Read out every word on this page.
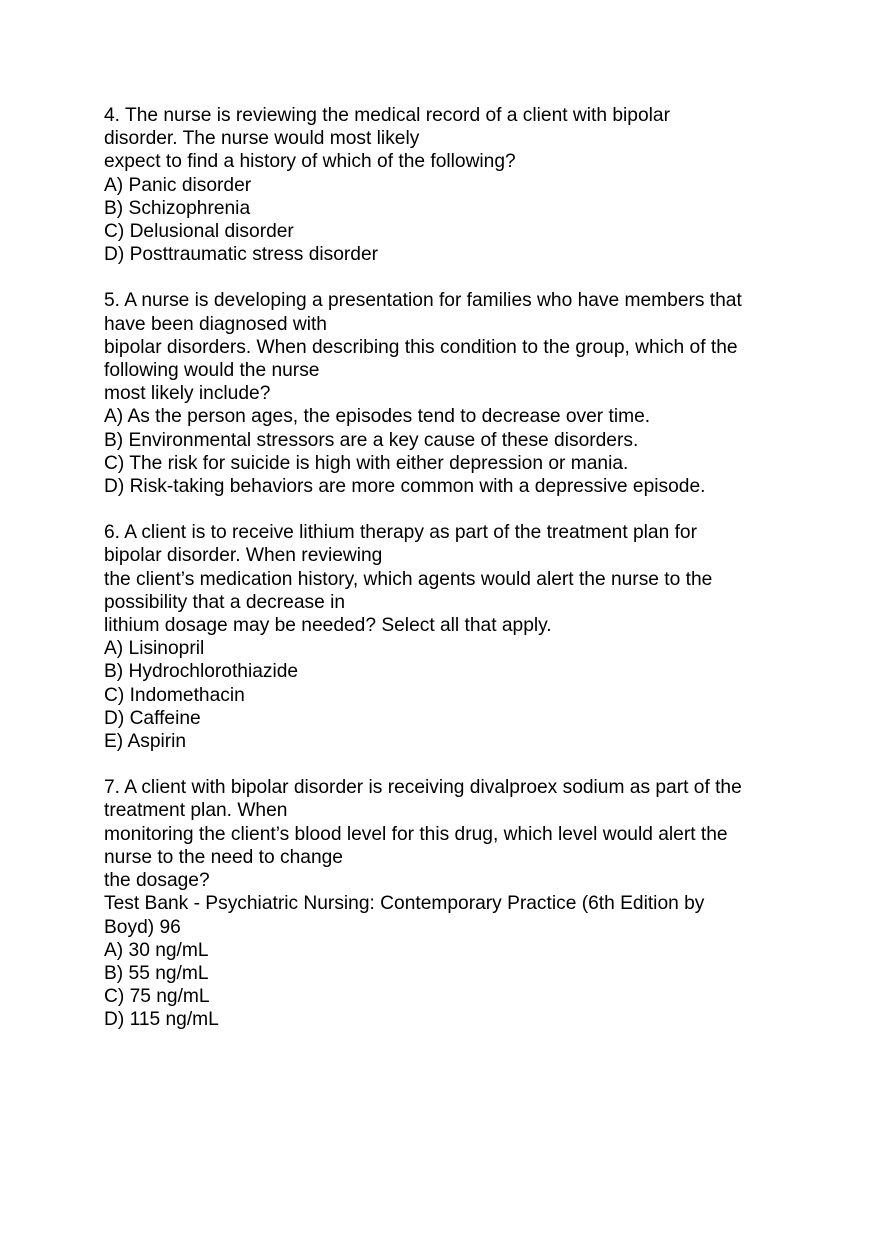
4. The nurse is reviewing the medical record of a client with bipolar

disorder. The nurse would most likely

expect to find a history of which of the following?

A) Panic disorder

B) Schizophrenia

C) Delusional disorder

D) Posttraumatic stress disorder

5. A nurse is developing a presentation for families who have members that

have been diagnosed with

bipolar disorders. When describing this condition to the group, which of the

following would the nurse

most likely include?

A) As the person ages, the episodes tend to decrease over time.

B) Environmental stressors are a key cause of these disorders.

C) The risk for suicide is high with either depression or mania.

D) Risk-taking behaviors are more common with a depressive episode.

6. A client is to receive lithium therapy as part of the treatment plan for

bipolar disorder. When reviewing

the client’s medication history, which agents would alert the nurse to the

possibility that a decrease in

lithium dosage may be needed? Select all that apply.

A) Lisinopril

B) Hydrochlorothiazide

C) Indomethacin

D) Caffeine

E) Aspirin

7. A client with bipolar disorder is receiving divalproex sodium as part of the

treatment plan. When

monitoring the client’s blood level for this drug, which level would alert the

nurse to the need to change

the dosage?

Test Bank - Psychiatric Nursing: Contemporary Practice (6th Edition by

Boyd) 96

A) 30 ng/mL

B) 55 ng/mL

C) 75 ng/mL

D) 115 ng/mL
